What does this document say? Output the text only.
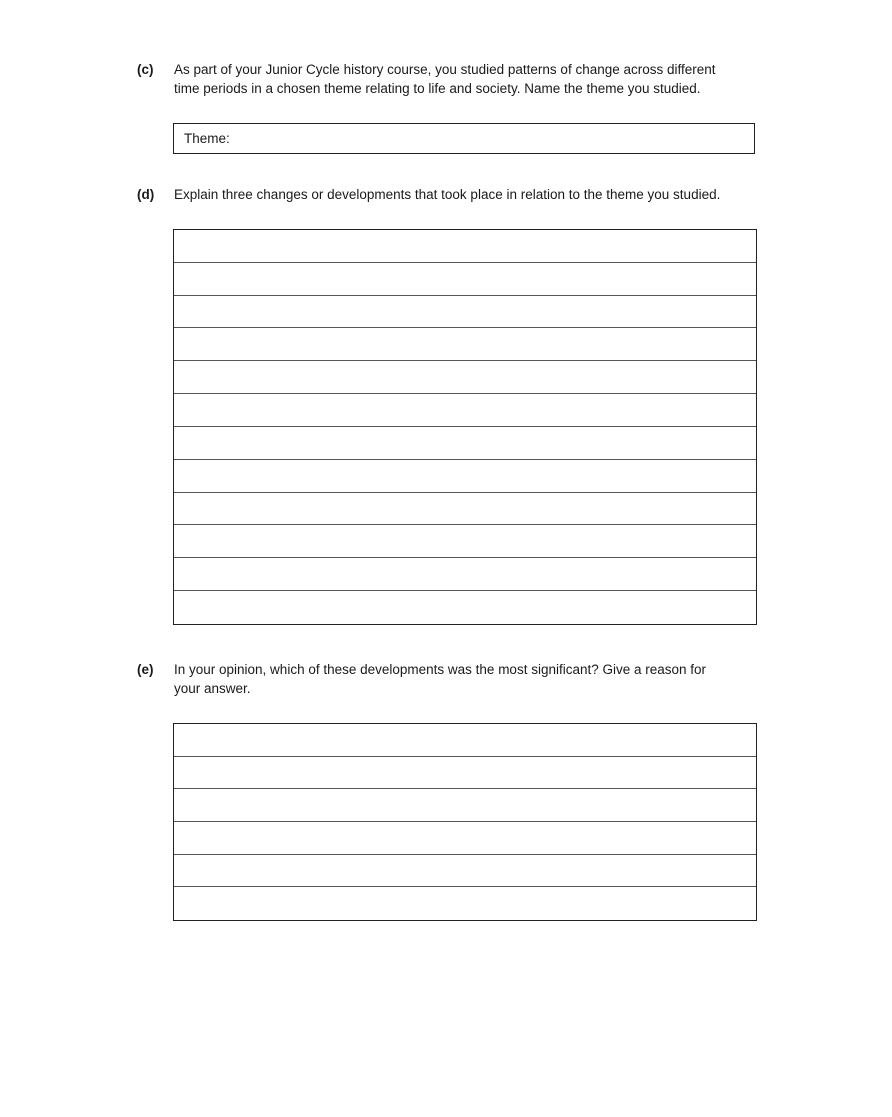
(c) As part of your Junior Cycle history course, you studied patterns of change across different
time periods in a chosen theme relating to life and society. Name the theme you studied.
Theme:
(d) Explain three changes or developments that took place in relation to the theme you studied.
(e) In your opinion, which of these developments was the most significant? Give a reason for
your answer.
